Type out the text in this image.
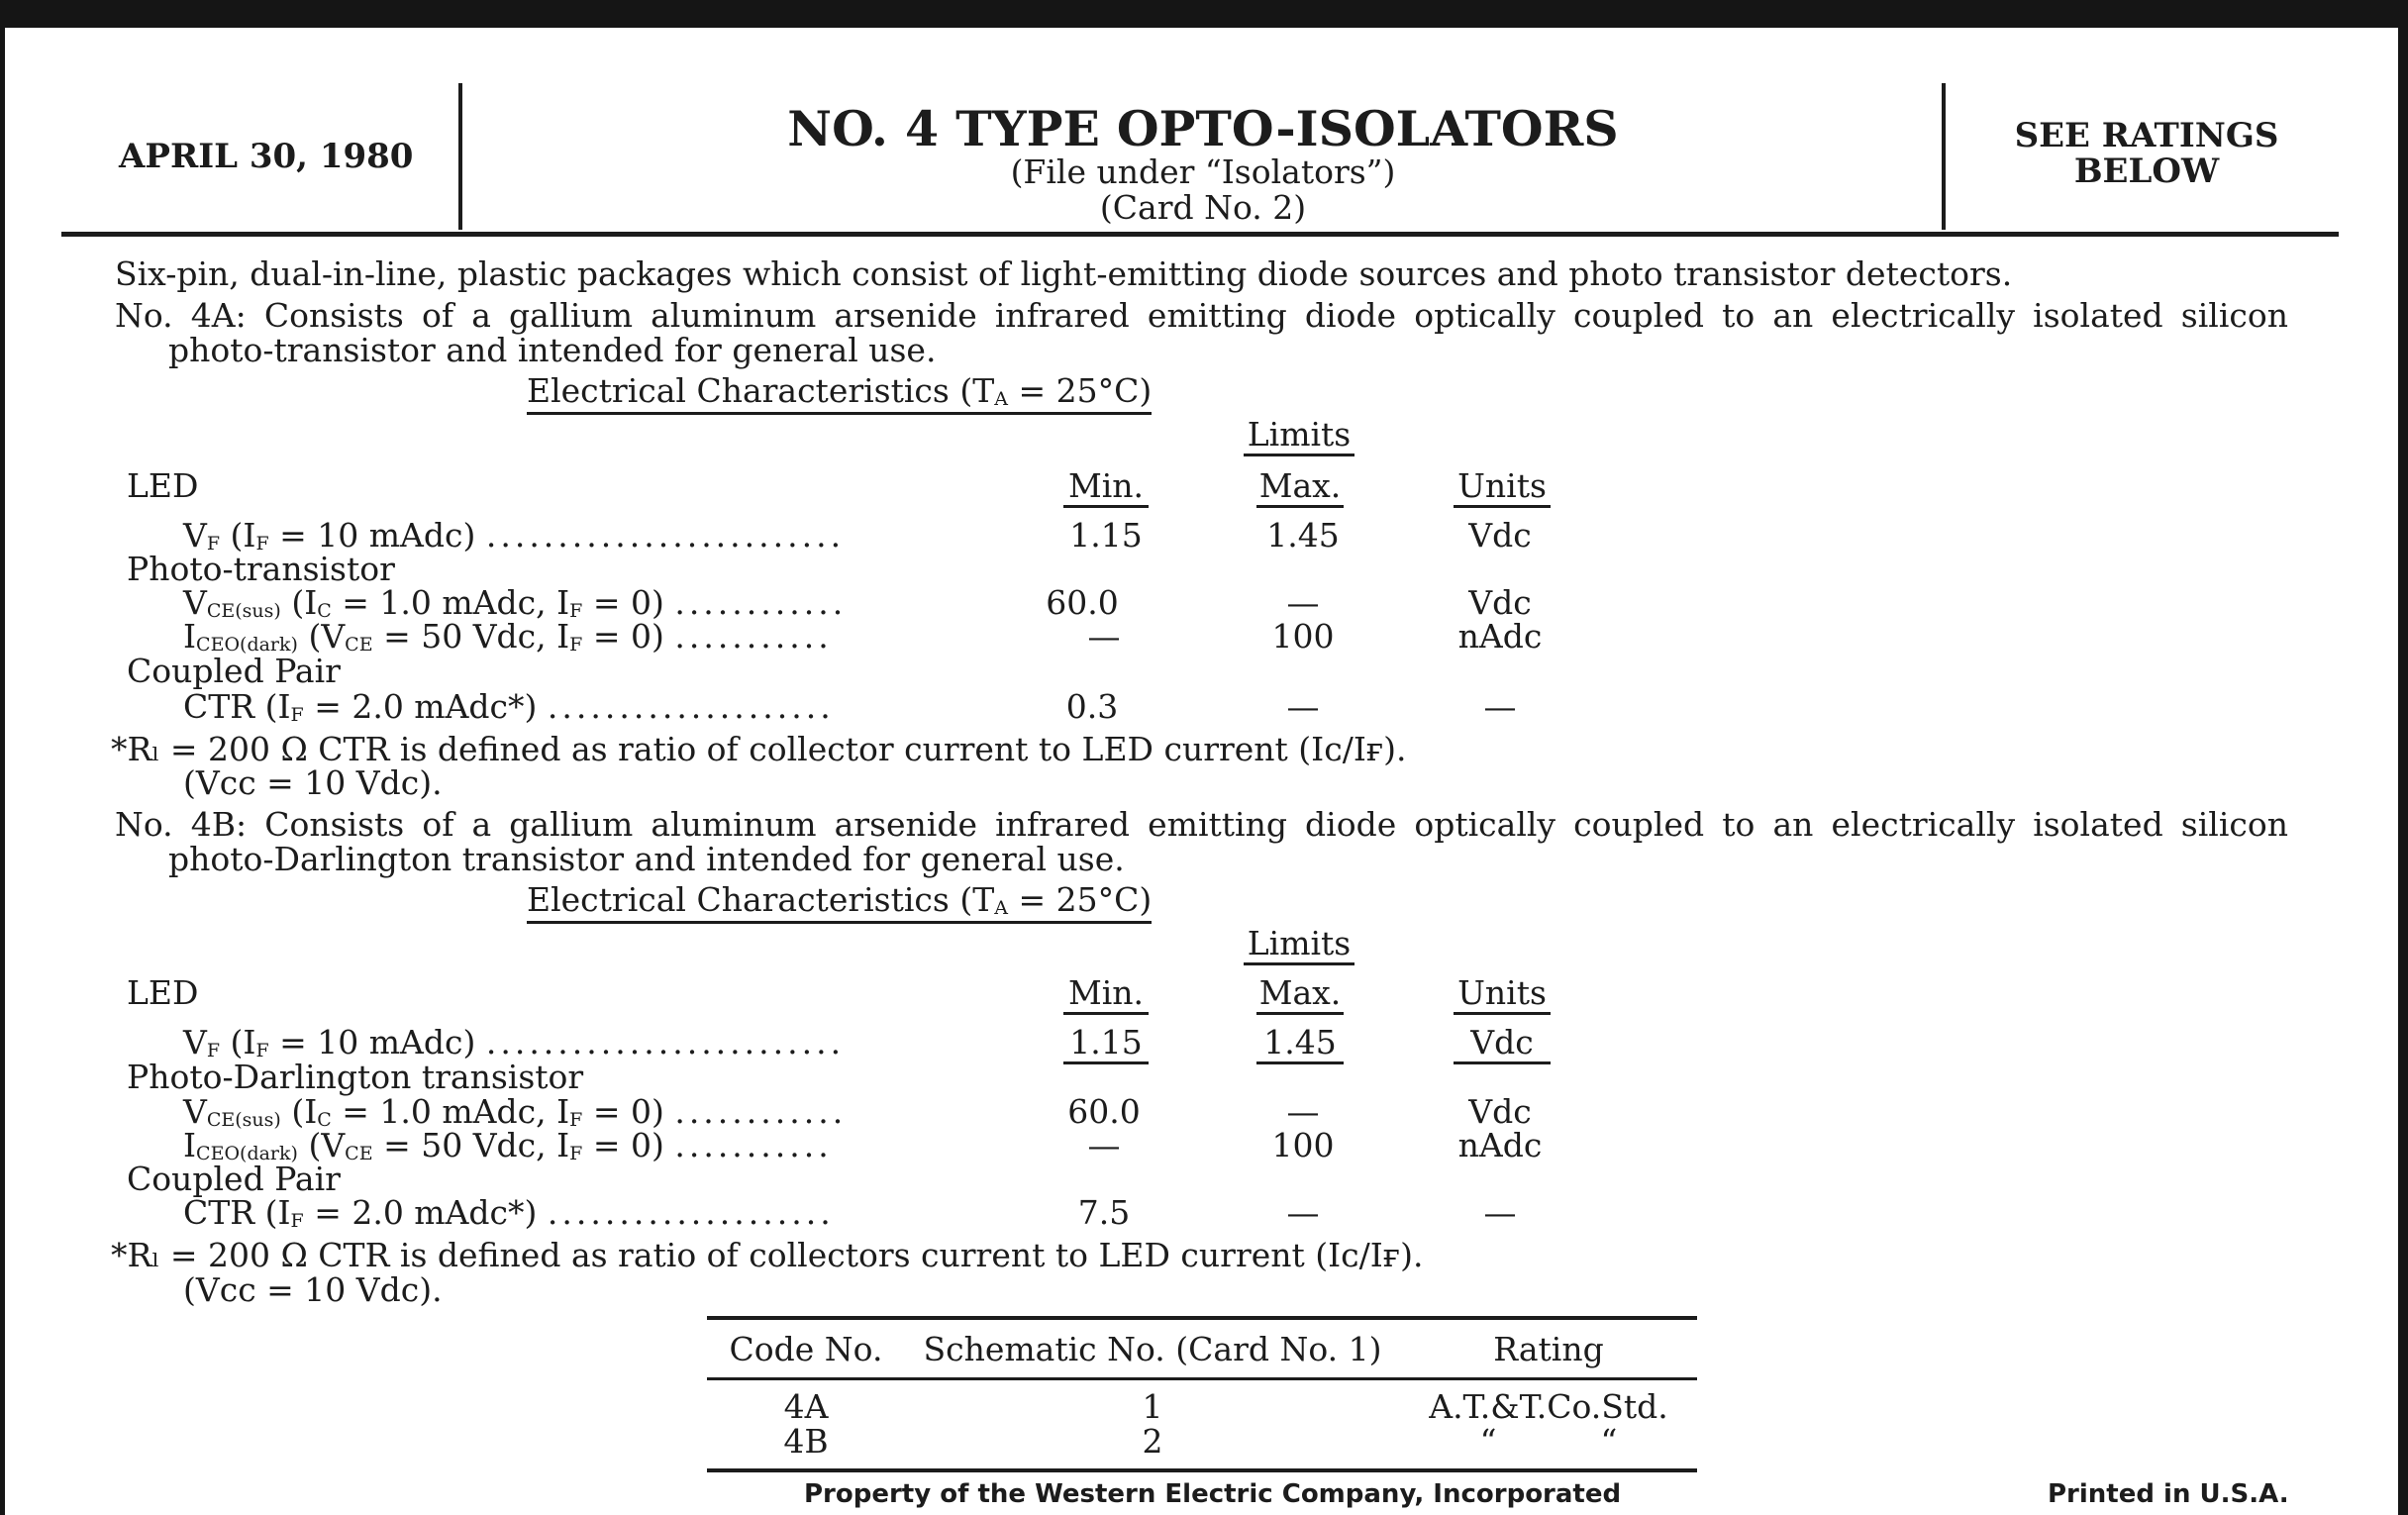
APRIL 30, 1980	NO. 4 TYPE OPTO-ISOLATORS
(File under “Isolators”)
(Card No. 2)
SEE RATINGS
BELOW
Six-pin, dual-in-line, plastic packages which consist of light-emitting diode sources and photo transistor detectors.
No. 4A: Consists of a gallium aluminum arsenide infrared emitting diode optically coupled to an electrically isolated silicon
photo-transistor and intended for general use.
Electrical Characteristics $(T_A = 25^\circ C)$
Limits
LED	Min.	Max.	Units
$V_F$ ($I_F = 10$ mAdc) .........................	1.15	1.45	Vdc
Photo-transistor
$V_{CE(sus)}$ ($I_C = 1.0$ mAdc, $I_F = 0$) ............	60.0	—	Vdc
$I_{CEO(dark)}$ ($V_{CE} = 50$ Vdc, $I_F = 0$) ...........	—	100	nAdc
Coupled Pair
CTR ($I_F = 2.0$ mAdc*) ....................	0.3	—	—
*Rₗ = 200 Ω CTR is defined as ratio of collector current to LED current (Iᴄ/Iғ).
(Vcc = 10 Vdc).
No. 4B: Consists of a gallium aluminum arsenide infrared emitting diode optically coupled to an electrically isolated silicon
photo-Darlington transistor and intended for general use.
Electrical Characteristics $(T_A = 25^\circ C)$
Limits
LED	Min.	Max.	Units
$V_F$ ($I_F = 10$ mAdc) .........................	1.15	1.45	Vdc
Photo-Darlington transistor
$V_{CE(sus)}$ ($I_C = 1.0$ mAdc, $I_F = 0$) ............	60.0	—	Vdc
$I_{CEO(dark)}$ ($V_{CE} = 50$ Vdc, $I_F = 0$) ...........	—	100	nAdc
Coupled Pair
CTR ($I_F = 2.0$ mAdc*) ....................	7.5	—	—
*Rₗ = 200 Ω CTR is defined as ratio of collectors current to LED current (Iᴄ/Iғ).
(Vcc = 10 Vdc).
Code No.	Schematic No. (Card No. 1)	Rating
4A	1	A.T.&T.Co.Std.
4B	2	“          “
Property of the Western Electric Company, Incorporated	Printed in U.S.A.
